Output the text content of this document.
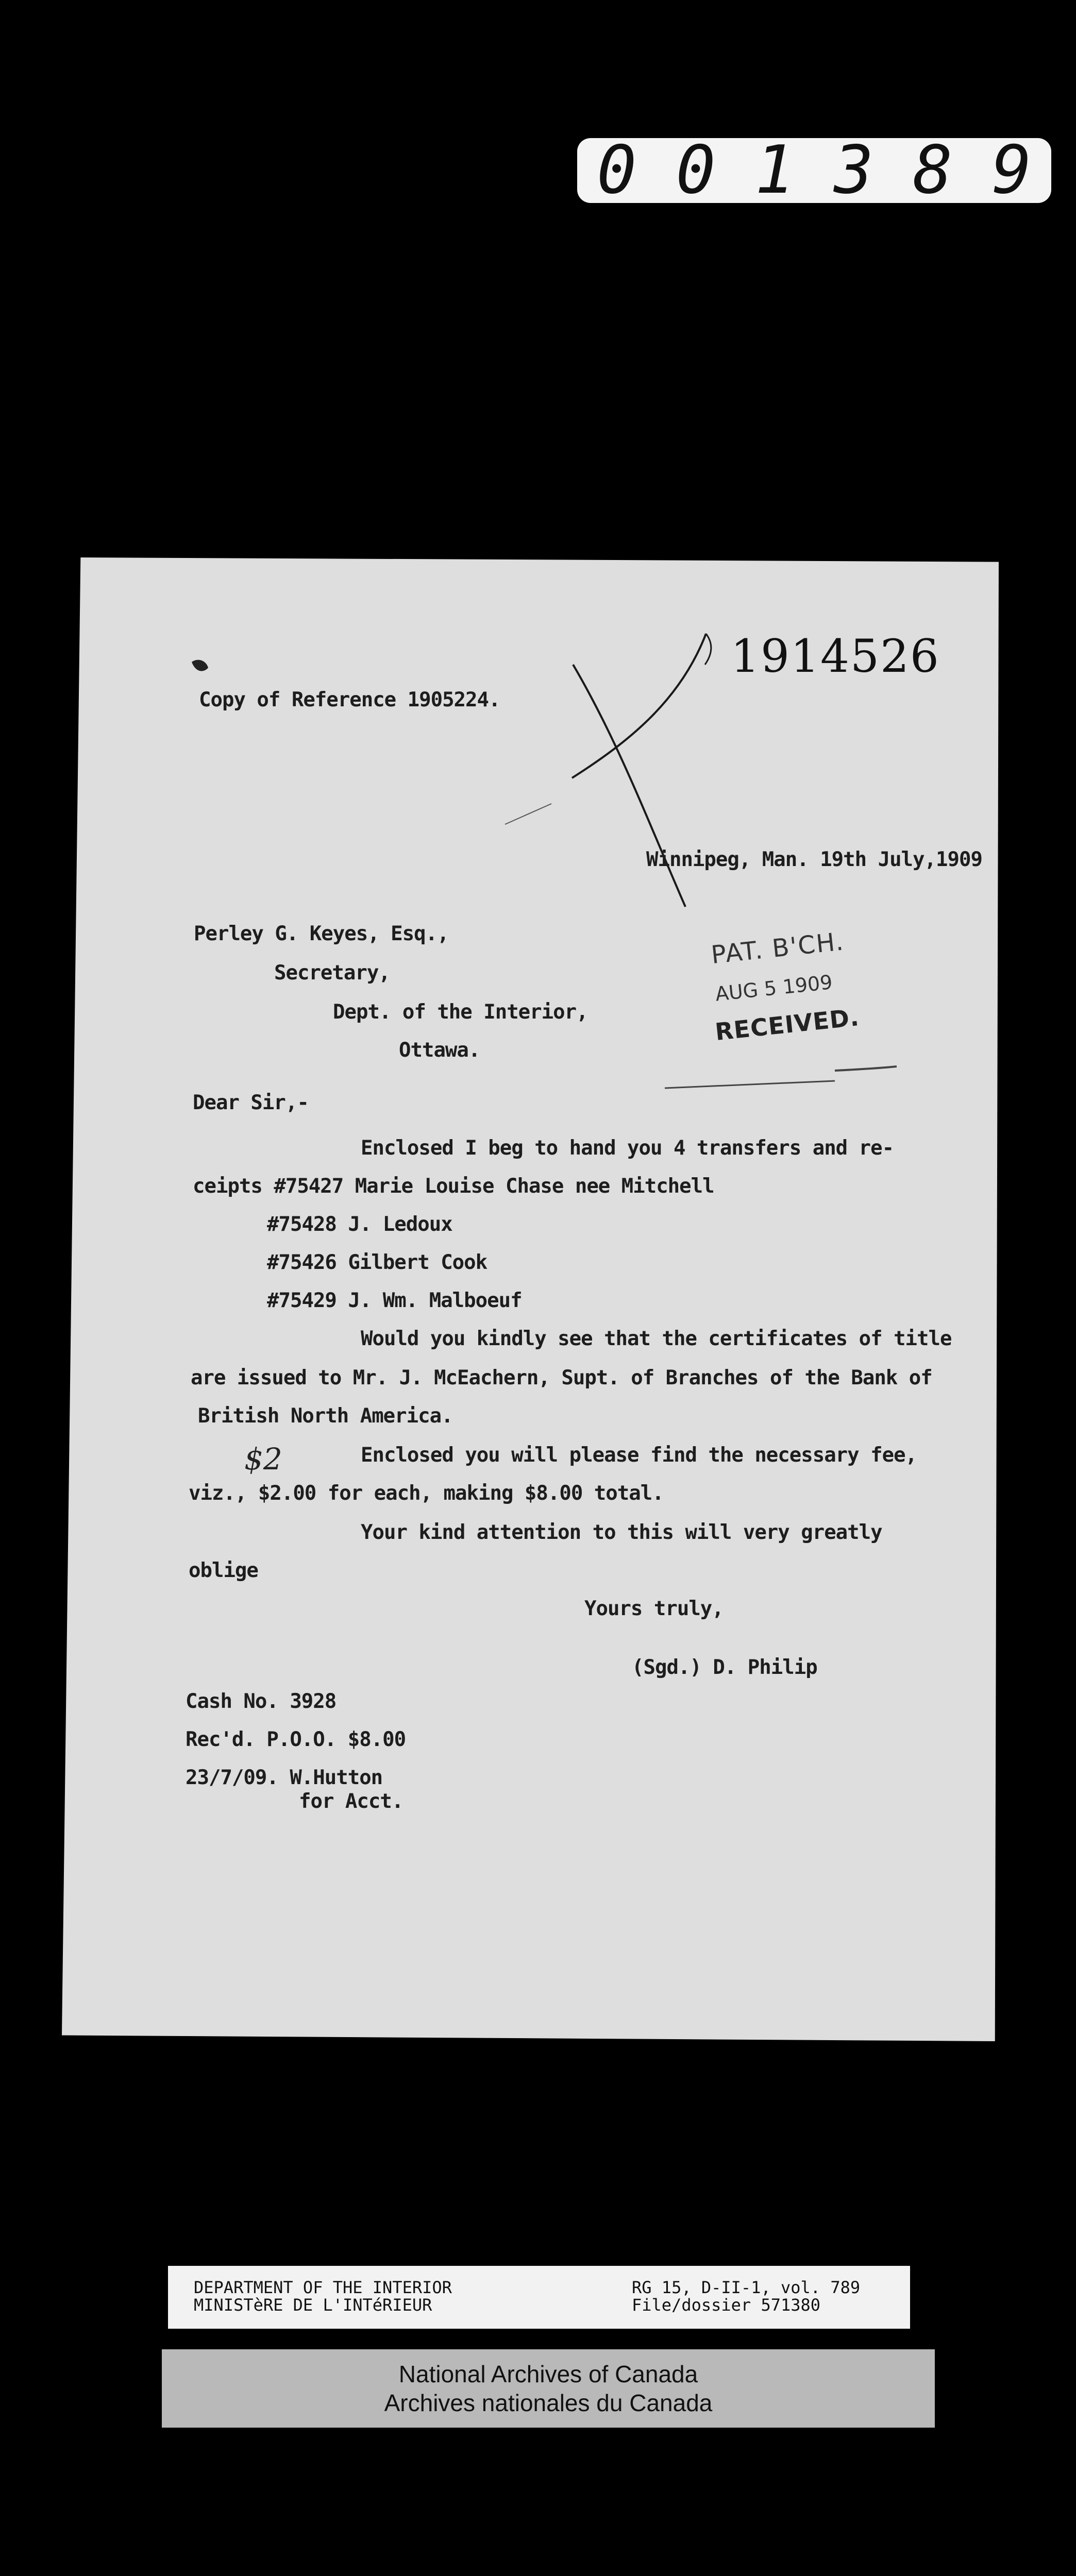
0 0 1 3 8 9
1914526
Copy of Reference 1905224.
Winnipeg, Man. 19th July,1909
Perley G. Keyes, Esq.,
Secretary,
Dept. of the Interior,
Ottawa.
PAT. B'CH.
AUG 5 1909
RECEIVED.
Dear Sir,-
Enclosed I beg to hand you 4 transfers and re-
ceipts #75427 Marie Louise Chase nee Mitchell
#75428 J. Ledoux
#75426 Gilbert Cook
#75429 J. Wm. Malboeuf
Would you kindly see that the certificates of title
are issued to Mr. J. McEachern, Supt. of Branches of the Bank of
British North America.
Enclosed you will please find the necessary fee,
viz., $2.00 for each, making $8.00 total.
Your kind attention to this will very greatly
oblige
$2
Yours truly,
(Sgd.) D. Philip
Cash No. 3928
Rec'd. P.O.O. $8.00
23/7/09. W.Hutton
for Acct.
DEPARTMENT OF THE INTERIOR
MINISTèRE DE L'INTéRIEUR
RG 15, D-II-1, vol. 789
File/dossier 571380
National Archives of Canada
Archives nationales du Canada
